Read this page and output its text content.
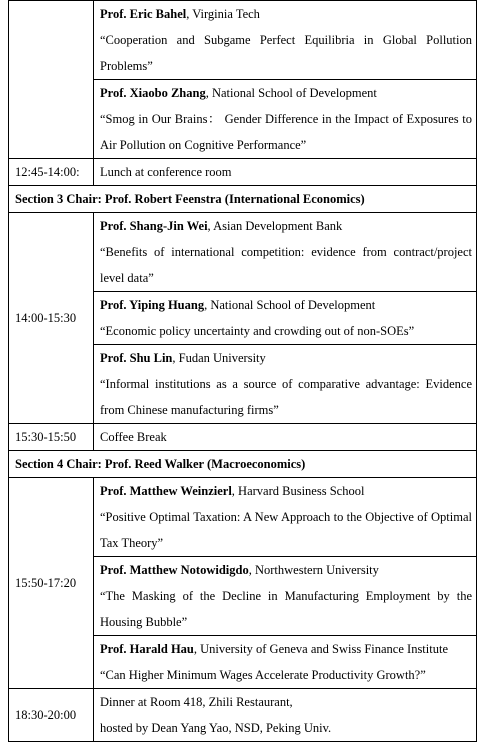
	Prof. Eric Bahel, Virginia Tech
“Cooperation and Subgame Perfect Equilibria in Global Pollution Problems”

	Prof. Xiaobo Zhang, National School of Development
“Smog in Our Brains： Gender Difference in the Impact of Exposures to Air Pollution on Cognitive Performance”

12:45-14:00:	Lunch at conference room
Section 3 Chair: Prof. Robert Feenstra (International Economics)	
14:00-15:30	Prof. Shang-Jin Wei, Asian Development Bank
“Benefits of international competition: evidence from contract/project level data”

	Prof. Yiping Huang, National School of Development
“Economic policy uncertainty and crowding out of non-SOEs”

	Prof. Shu Lin, Fudan University
“Informal institutions as a source of comparative advantage: Evidence from Chinese manufacturing firms”

15:30-15:50	Coffee Break
Section 4 Chair: Prof. Reed Walker (Macroeconomics)	
15:50-17:20	Prof. Matthew Weinzierl, Harvard Business School
“Positive Optimal Taxation: A New Approach to the Objective of Optimal Tax Theory”

	Prof. Matthew Notowidigdo, Northwestern University
“The Masking of the Decline in Manufacturing Employment by the Housing Bubble”

	Prof. Harald Hau, University of Geneva and Swiss Finance Institute
“Can Higher Minimum Wages Accelerate Productivity Growth?”

18:30-20:00	Dinner at Room 418, Zhili Restaurant,
hosted by Dean Yang Yao, NSD, Peking Univ.
